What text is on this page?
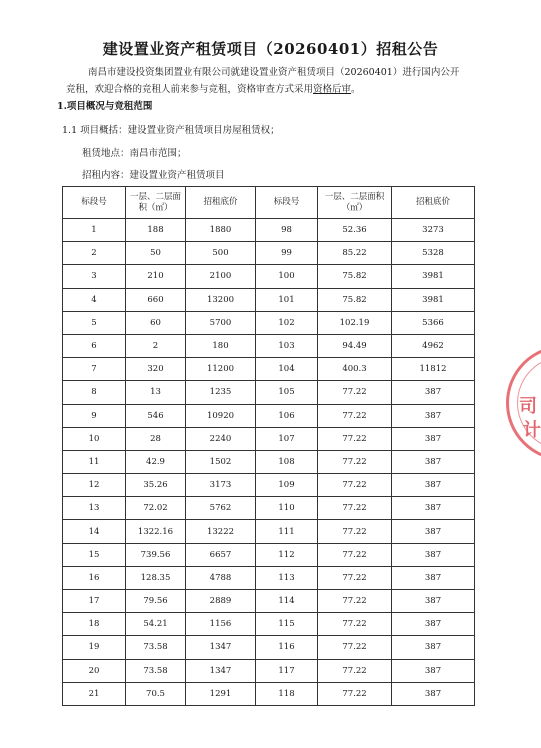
建设置业资产租赁项目（20260401）招租公告
南昌市建设投资集团置业有限公司就建设置业资产租赁项目（20260401）进行国内公开竞租，欢迎合格的竞租人前来参与竞租，资格审查方式采用资格后审。
1.项目概况与竞租范围
1.1 项目概括：建设置业资产租赁项目房屋租赁权；
租赁地点：南昌市范围；
招租内容：建设置业资产租赁项目
标段号	一层、二层面积（㎡）	招租底价	标段号	一层、二层面积（㎡）	招租底价
1	188	1880	98	52.36	3273
2	50	500	99	85.22	5328
3	210	2100	100	75.82	3981
4	660	13200	101	75.82	3981
5	60	5700	102	102.19	5366
6	2	180	103	94.49	4962
7	320	11200	104	400.3	11812
8	13	1235	105	77.22	387
9	546	10920	106	77.22	387
10	28	2240	107	77.22	387
11	42.9	1502	108	77.22	387
12	35.26	3173	109	77.22	387
13	72.02	5762	110	77.22	387
14	1322.16	13222	111	77.22	387
15	739.56	6657	112	77.22	387
16	128.35	4788	113	77.22	387
17	79.56	2889	114	77.22	387
18	54.21	1156	115	77.22	387
19	73.58	1347	116	77.22	387
20	73.58	1347	117	77.22	387
21	70.5	1291	118	77.22	387
司
计
